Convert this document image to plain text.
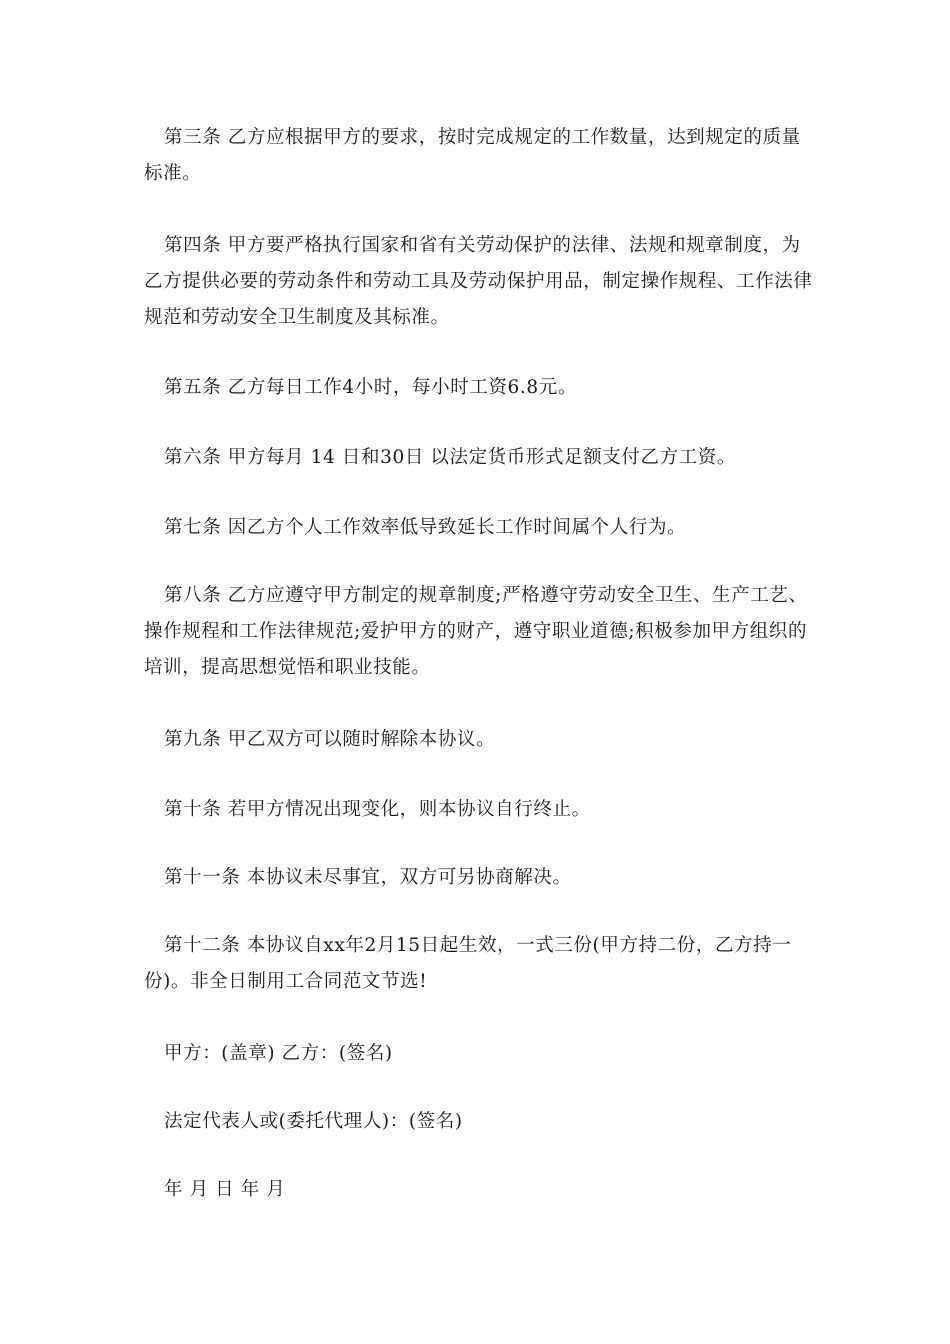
第三条 乙方应根据甲方的要求，按时完成规定的工作数量，达到规定的质量标准。

第四条 甲方要严格执行国家和省有关劳动保护的法律、法规和规章制度，为乙方提供必要的劳动条件和劳动工具及劳动保护用品，制定操作规程、工作法律规范和劳动安全卫生制度及其标准。

第五条 乙方每日工作4小时，每小时工资6.8元。

第六条 甲方每月 14 日和30日 以法定货币形式足额支付乙方工资。

第七条 因乙方个人工作效率低导致延长工作时间属个人行为。

第八条 乙方应遵守甲方制定的规章制度;严格遵守劳动安全卫生、生产工艺、操作规程和工作法律规范;爱护甲方的财产，遵守职业道德;积极参加甲方组织的培训，提高思想觉悟和职业技能。

第九条 甲乙双方可以随时解除本协议。

第十条 若甲方情况出现变化，则本协议自行终止。

第十一条 本协议未尽事宜，双方可另协商解决。

第十二条 本协议自xx年2月15日起生效，一式三份(甲方持二份，乙方持一份)。非全日制用工合同范文节选!

甲方：(盖章) 乙方：(签名)

法定代表人或(委托代理人)：(签名)

年 月 日 年 月
